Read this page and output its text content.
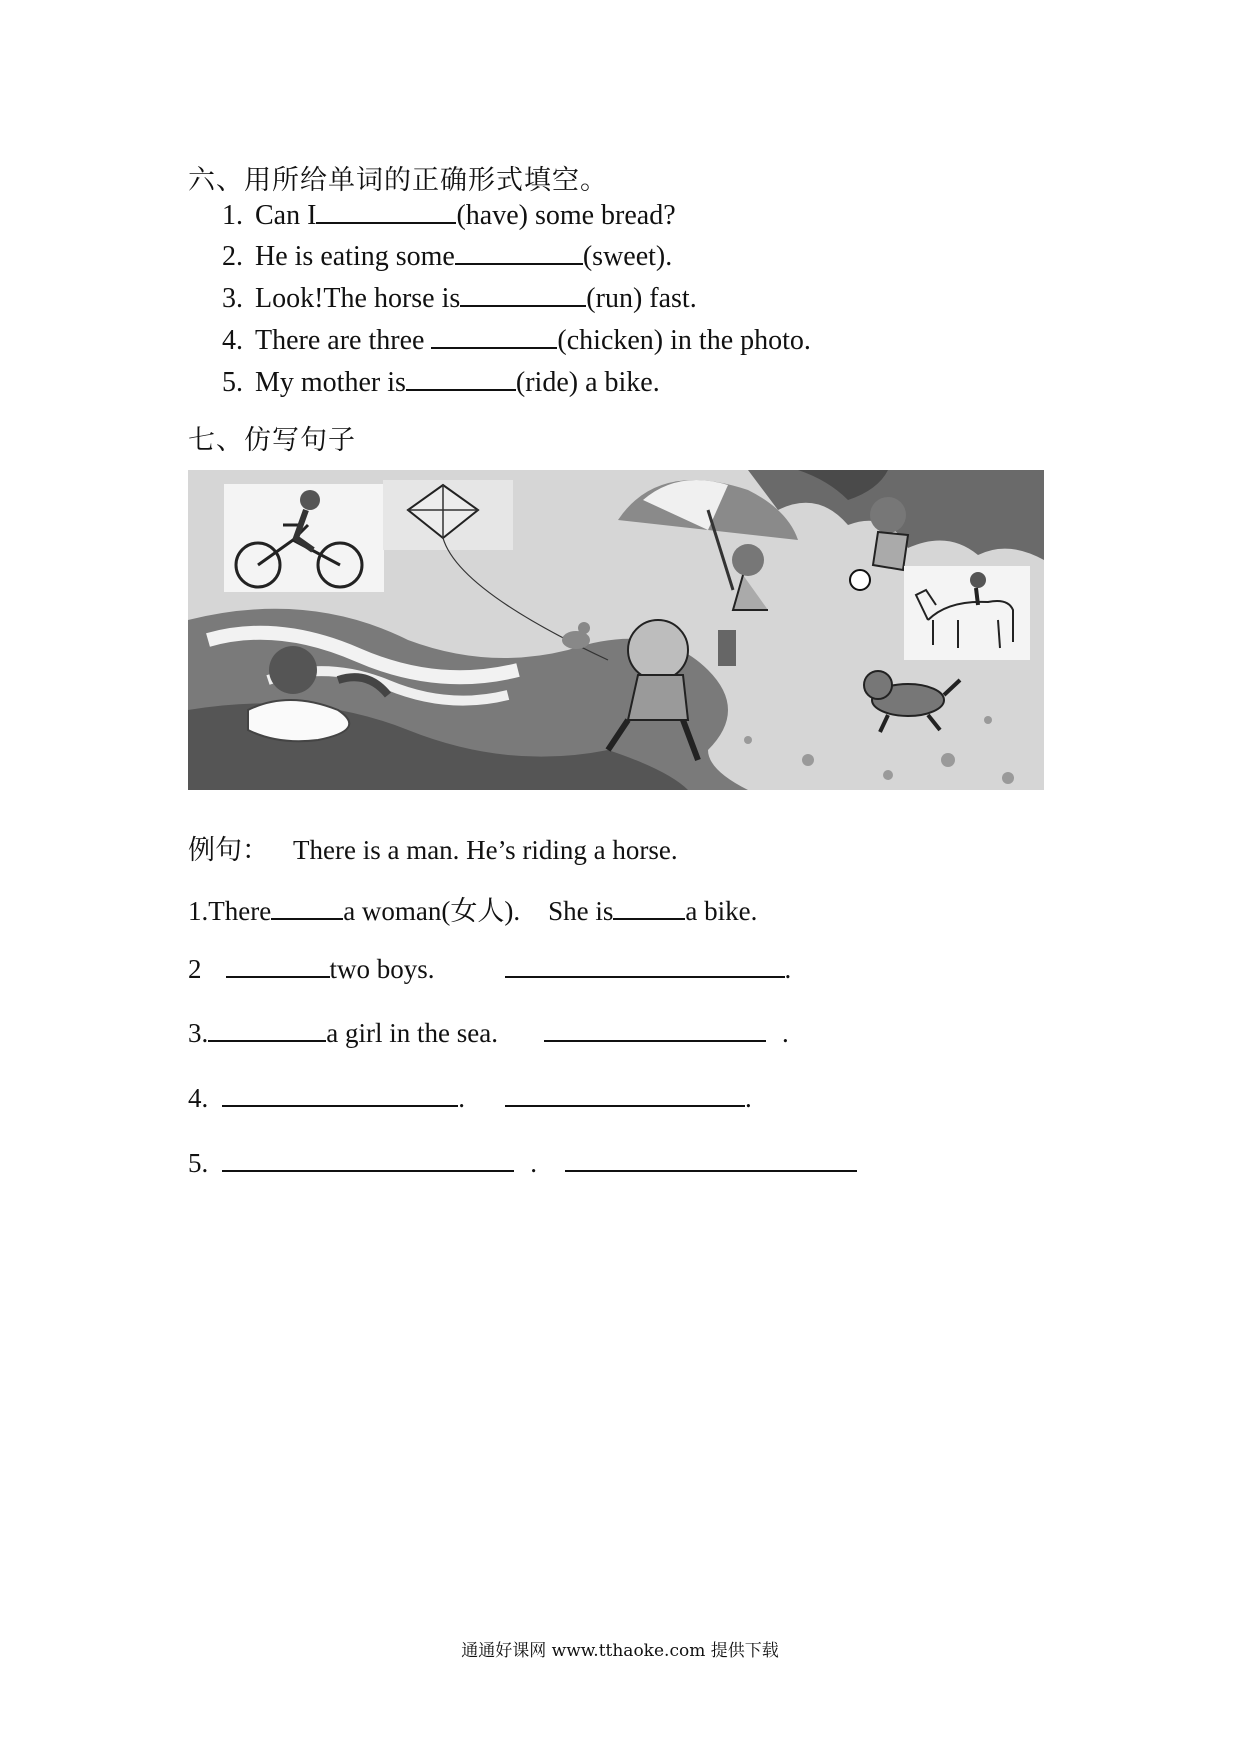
六、用所给单词的正确形式填空。
1. Can I	(have) some bread?
2. He is eating some	(sweet).
3. Look!The horse is	(run) fast.
4. There are three	(chicken) in the photo.
5. My mother is	(ride) a bike.
七、仿写句子
例句： There is a man. He’s riding a horse.
1.There	a woman(女人). She is	a bike.
2	two boys.	.
3.	a girl in the sea.	.
4.	.	.
5.	.
通通好课网 www.tthaoke.com 提供下载
